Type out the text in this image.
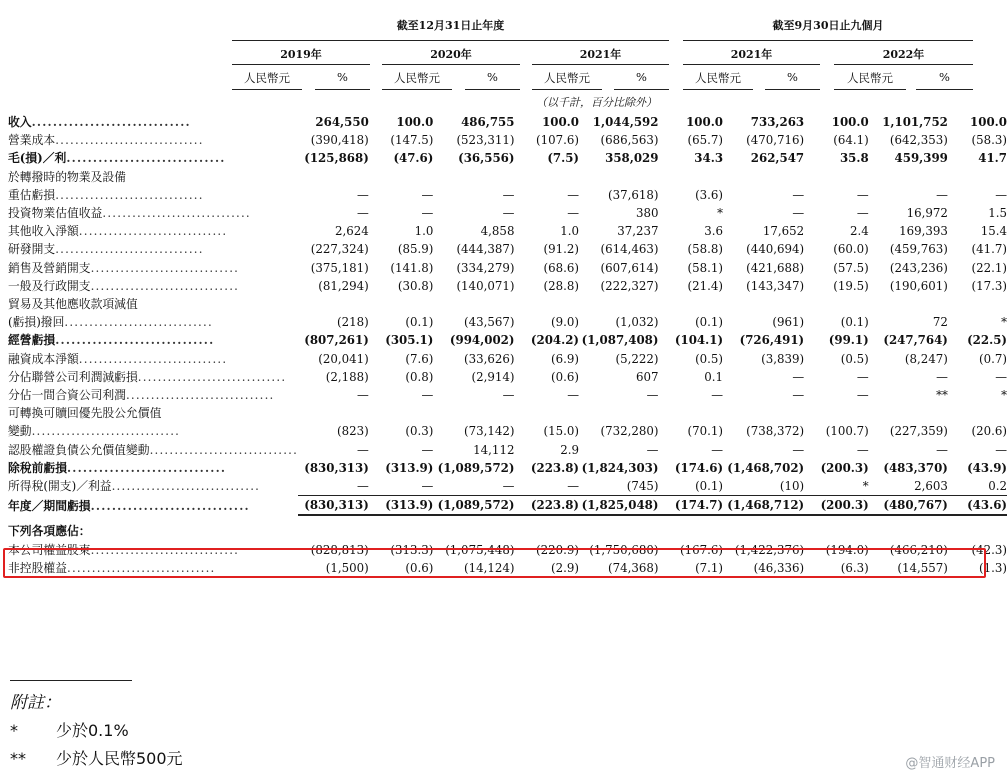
截至12月31日止年度	截至9月30日止九個月
2019年	2020年	2021年	2021年	2022年
人民幣元	%	人民幣元	%	人民幣元	%	人民幣元	%	人民幣元	%
（以千計，百分比除外）
收入..............................	264,550	100.0	486,755	100.0	1,044,592	100.0	733,263	100.0	1,101,752	100.0
營業成本..............................	(390,418)	(147.5)	(523,311)	(107.6)	(686,563)	(65.7)	(470,716)	(64.1)	(642,353)	(58.3)
毛(損)／利..............................	(125,868)	(47.6)	(36,556)	(7.5)	358,029	34.3	262,547	35.8	459,399	41.7
於轉撥時的物業及設備										
重估虧損..............................	—	—	—	—	(37,618)	(3.6)	—	—	—	—
投資物業估值收益..............................	—	—	—	—	380	*	—	—	16,972	1.5
其他收入淨額..............................	2,624	1.0	4,858	1.0	37,237	3.6	17,652	2.4	169,393	15.4
研發開支..............................	(227,324)	(85.9)	(444,387)	(91.2)	(614,463)	(58.8)	(440,694)	(60.0)	(459,763)	(41.7)
銷售及營銷開支..............................	(375,181)	(141.8)	(334,279)	(68.6)	(607,614)	(58.1)	(421,688)	(57.5)	(243,236)	(22.1)
一般及行政開支..............................	(81,294)	(30.8)	(140,071)	(28.8)	(222,327)	(21.4)	(143,347)	(19.5)	(190,601)	(17.3)
貿易及其他應收款項減值										
(虧損)撥回..............................	(218)	(0.1)	(43,567)	(9.0)	(1,032)	(0.1)	(961)	(0.1)	72	*
經營虧損..............................	(807,261)	(305.1)	(994,002)	(204.2)	(1,087,408)	(104.1)	(726,491)	(99.1)	(247,764)	(22.5)
融資成本淨額..............................	(20,041)	(7.6)	(33,626)	(6.9)	(5,222)	(0.5)	(3,839)	(0.5)	(8,247)	(0.7)
分佔聯營公司利潤減虧損..............................	(2,188)	(0.8)	(2,914)	(0.6)	607	0.1	—	—	—	—
分佔一間合資公司利潤..............................	—	—	—	—	—	—	—	—	**	*
可轉換可贖回優先股公允價值										
變動..............................	(823)	(0.3)	(73,142)	(15.0)	(732,280)	(70.1)	(738,372)	(100.7)	(227,359)	(20.6)
認股權證負債公允價值變動..............................	—	—	14,112	2.9	—	—	—	—	—	—
除稅前虧損..............................	(830,313)	(313.9)	(1,089,572)	(223.8)	(1,824,303)	(174.6)	(1,468,702)	(200.3)	(483,370)	(43.9)
所得稅(開支)／利益..............................	—	—	—	—	(745)	(0.1)	(10)	*	2,603	0.2
年度／期間虧損..............................	(830,313)	(313.9)	(1,089,572)	(223.8)	(1,825,048)	(174.7)	(1,468,712)	(200.3)	(480,767)	(43.6)

下列各項應佔：										
本公司權益股東..............................	(828,813)	(313.3)	(1,075,448)	(220.9)	(1,750,680)	(167.6)	(1,422,376)	(194.0)	(466,210)	(42.3)
非控股權益..............................	(1,500)	(0.6)	(14,124)	(2.9)	(74,368)	(7.1)	(46,336)	(6.3)	(14,557)	(1.3)
附註：
* 少於0.1%
** 少於人民幣500元	@智通财经APP
